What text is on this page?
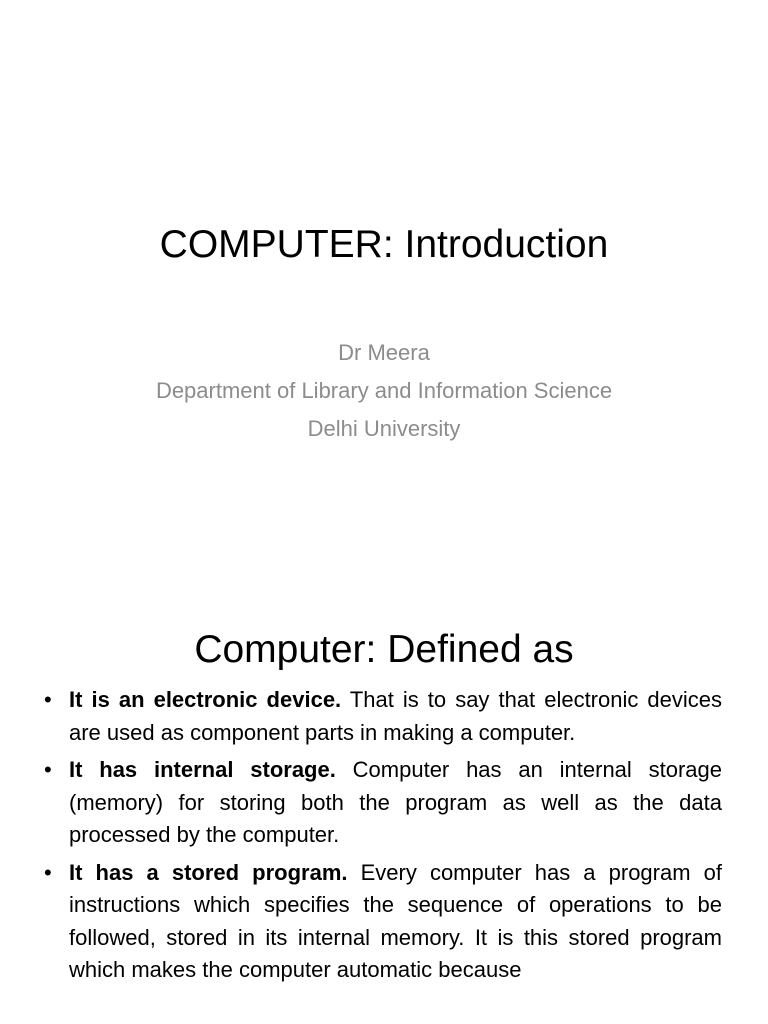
COMPUTER: Introduction
Dr Meera
Department of Library and Information Science
Delhi University
Computer: Defined as
• It is an electronic device. That is to say that electronic devices are used as component parts in making a computer.
• It has internal storage. Computer has an internal storage (memory) for storing both the program as well as the data processed by the computer.
• It has a stored program. Every computer has a program of instructions which specifies the sequence of operations to be followed, stored in its internal memory. It is this stored program which makes the computer automatic because
